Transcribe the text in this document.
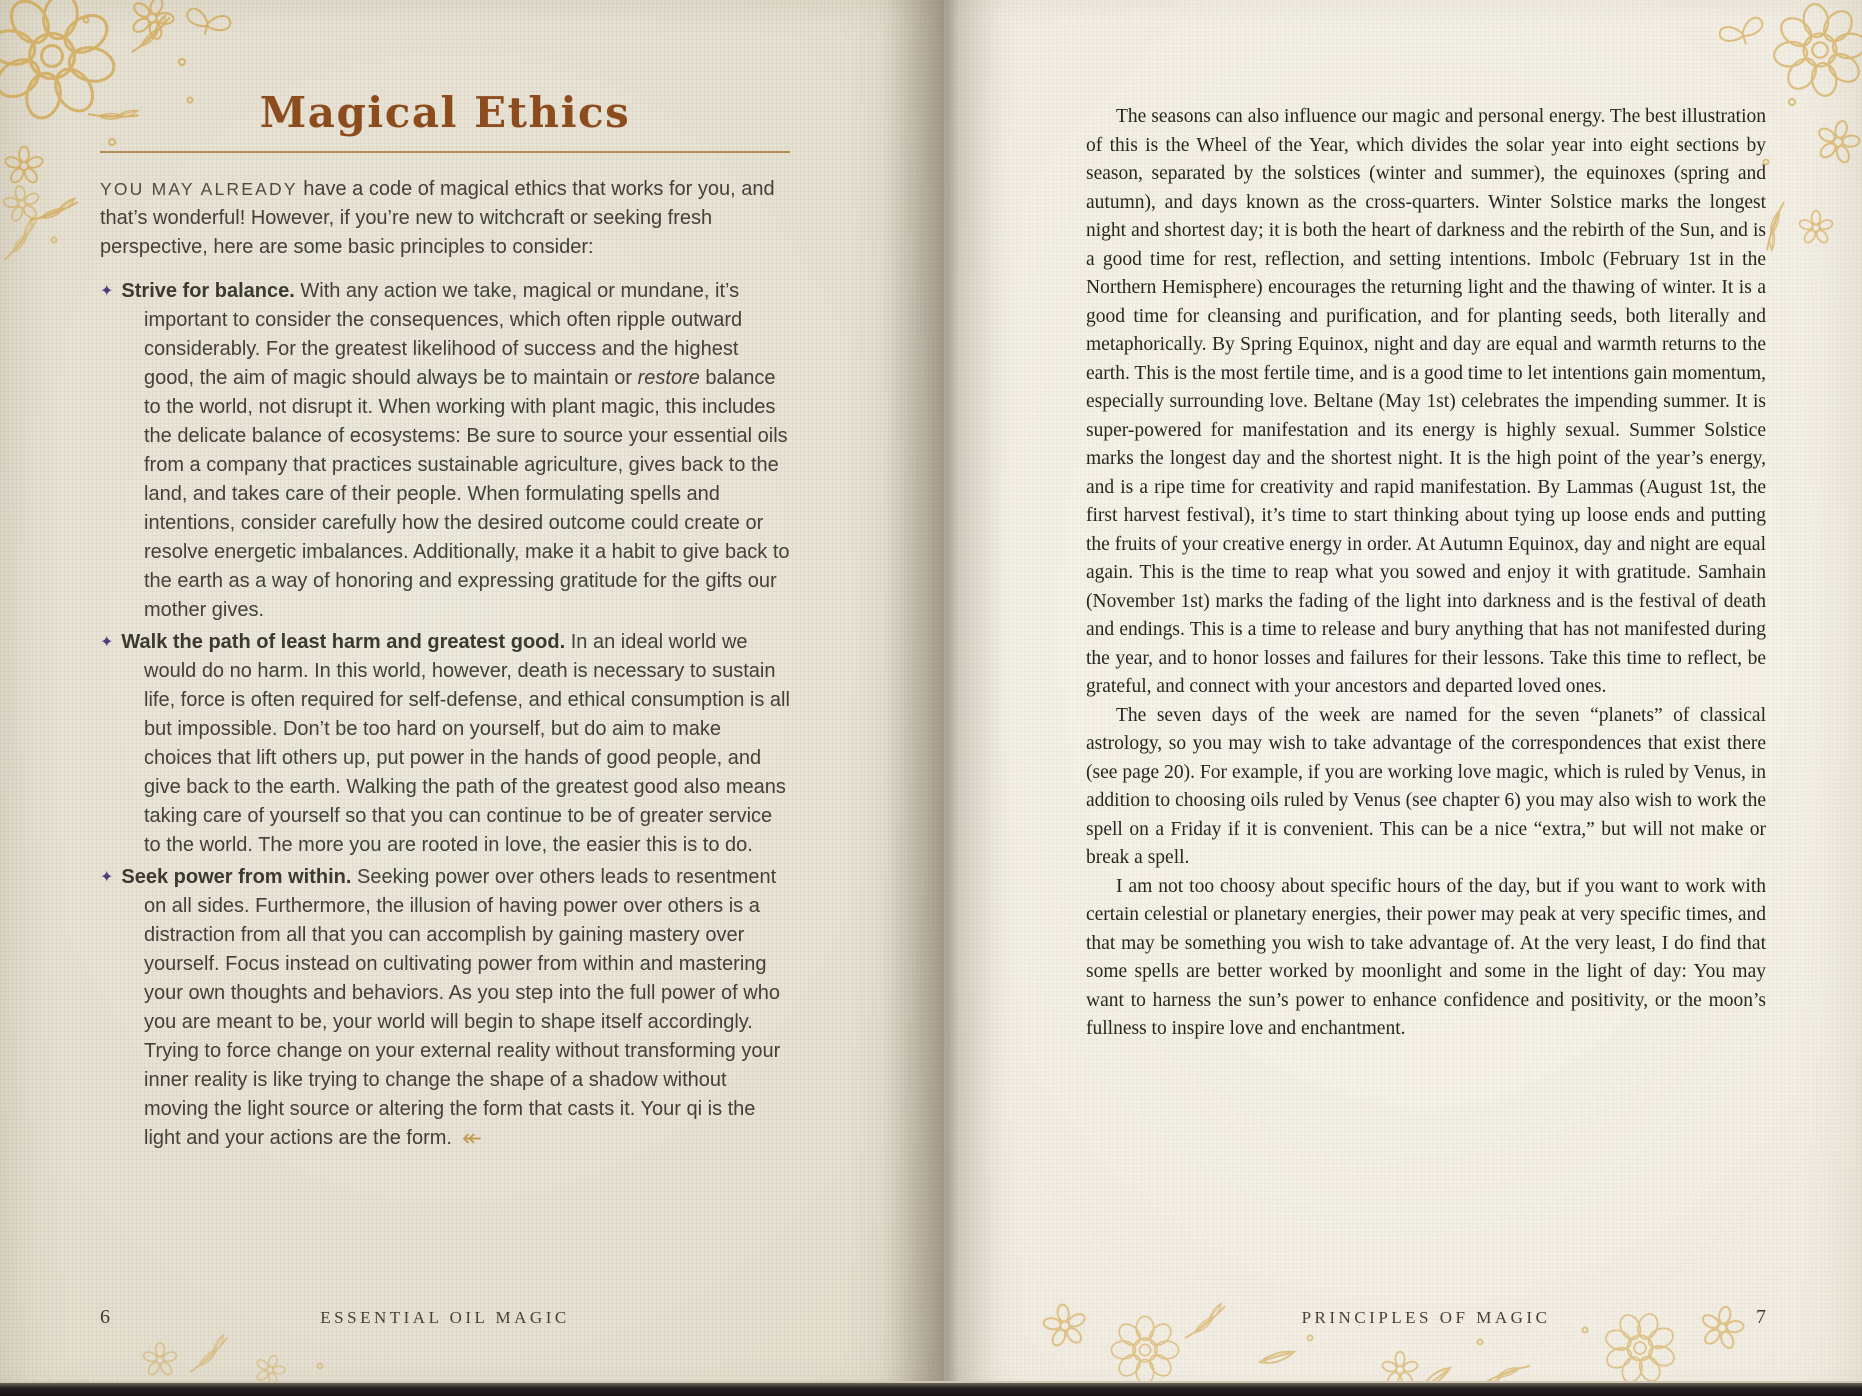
Magical Ethics

YOU MAY ALREADY have a code of magical ethics that works for you, and that’s wonderful! However, if you’re new to witchcraft or seeking fresh perspective, here are some basic principles to consider:

✦ Strive for balance. With any action we take, magical or mundane, it’s important to consider the consequences, which often ripple outward considerably. For the greatest likelihood of success and the highest good, the aim of magic should always be to maintain or restore balance to the world, not disrupt it. When working with plant magic, this includes the delicate balance of ecosystems: Be sure to source your essential oils from a company that practices sustainable agriculture, gives back to the land, and takes care of their people. When formulating spells and intentions, consider carefully how the desired outcome could create or resolve energetic imbalances. Additionally, make it a habit to give back to the earth as a way of honoring and expressing gratitude for the gifts our mother gives.

✦ Walk the path of least harm and greatest good. In an ideal world we would do no harm. In this world, however, death is necessary to sustain life, force is often required for self-defense, and ethical consumption is all but impossible. Don’t be too hard on yourself, but do aim to make choices that lift others up, put power in the hands of good people, and give back to the earth. Walking the path of the greatest good also means taking care of yourself so that you can continue to be of greater service to the world. The more you are rooted in love, the easier this is to do.

✦ Seek power from within. Seeking power over others leads to resentment on all sides. Furthermore, the illusion of having power over others is a distraction from all that you can accomplish by gaining mastery over yourself. Focus instead on cultivating power from within and mastering your own thoughts and behaviors. As you step into the full power of who you are meant to be, your world will begin to shape itself accordingly. Trying to force change on your external reality without transforming your inner reality is like trying to change the shape of a shadow without moving the light source or altering the form that casts it. Your qi is the light and your actions are the form. ↞

The seasons can also influence our magic and personal energy. The best illustration of this is the Wheel of the Year, which divides the solar year into eight sections by season, separated by the solstices (winter and summer), the equinoxes (spring and autumn), and days known as the cross-quarters. Winter Solstice marks the longest night and shortest day; it is both the heart of darkness and the rebirth of the Sun, and is a good time for rest, reflection, and setting intentions. Imbolc (February 1st in the Northern Hemisphere) encourages the returning light and the thawing of winter. It is a good time for cleansing and purification, and for planting seeds, both literally and metaphorically. By Spring Equinox, night and day are equal and warmth returns to the earth. This is the most fertile time, and is a good time to let intentions gain momentum, especially surrounding love. Beltane (May 1st) celebrates the impending summer. It is super-powered for manifestation and its energy is highly sexual. Summer Solstice marks the longest day and the shortest night. It is the high point of the year’s energy, and is a ripe time for creativity and rapid manifestation. By Lammas (August 1st, the first harvest festival), it’s time to start thinking about tying up loose ends and putting the fruits of your creative energy in order. At Autumn Equinox, day and night are equal again. This is the time to reap what you sowed and enjoy it with gratitude. Samhain (November 1st) marks the fading of the light into darkness and is the festival of death and endings. This is a time to release and bury anything that has not manifested during the year, and to honor losses and failures for their lessons. Take this time to reflect, be grateful, and connect with your ancestors and departed loved ones.

The seven days of the week are named for the seven “planets” of classical astrology, so you may wish to take advantage of the correspondences that exist there (see page 20). For example, if you are working love magic, which is ruled by Venus, in addition to choosing oils ruled by Venus (see chapter 6) you may also wish to work the spell on a Friday if it is convenient. This can be a nice “extra,” but will not make or break a spell.

I am not too choosy about specific hours of the day, but if you want to work with certain celestial or planetary energies, their power may peak at very specific times, and that may be something you wish to take advantage of. At the very least, I do find that some spells are better worked by moonlight and some in the light of day: You may want to harness the sun’s power to enhance confidence and positivity, or the moon’s fullness to inspire love and enchantment.

6	ESSENTIAL OIL MAGIC	PRINCIPLES OF MAGIC	7
